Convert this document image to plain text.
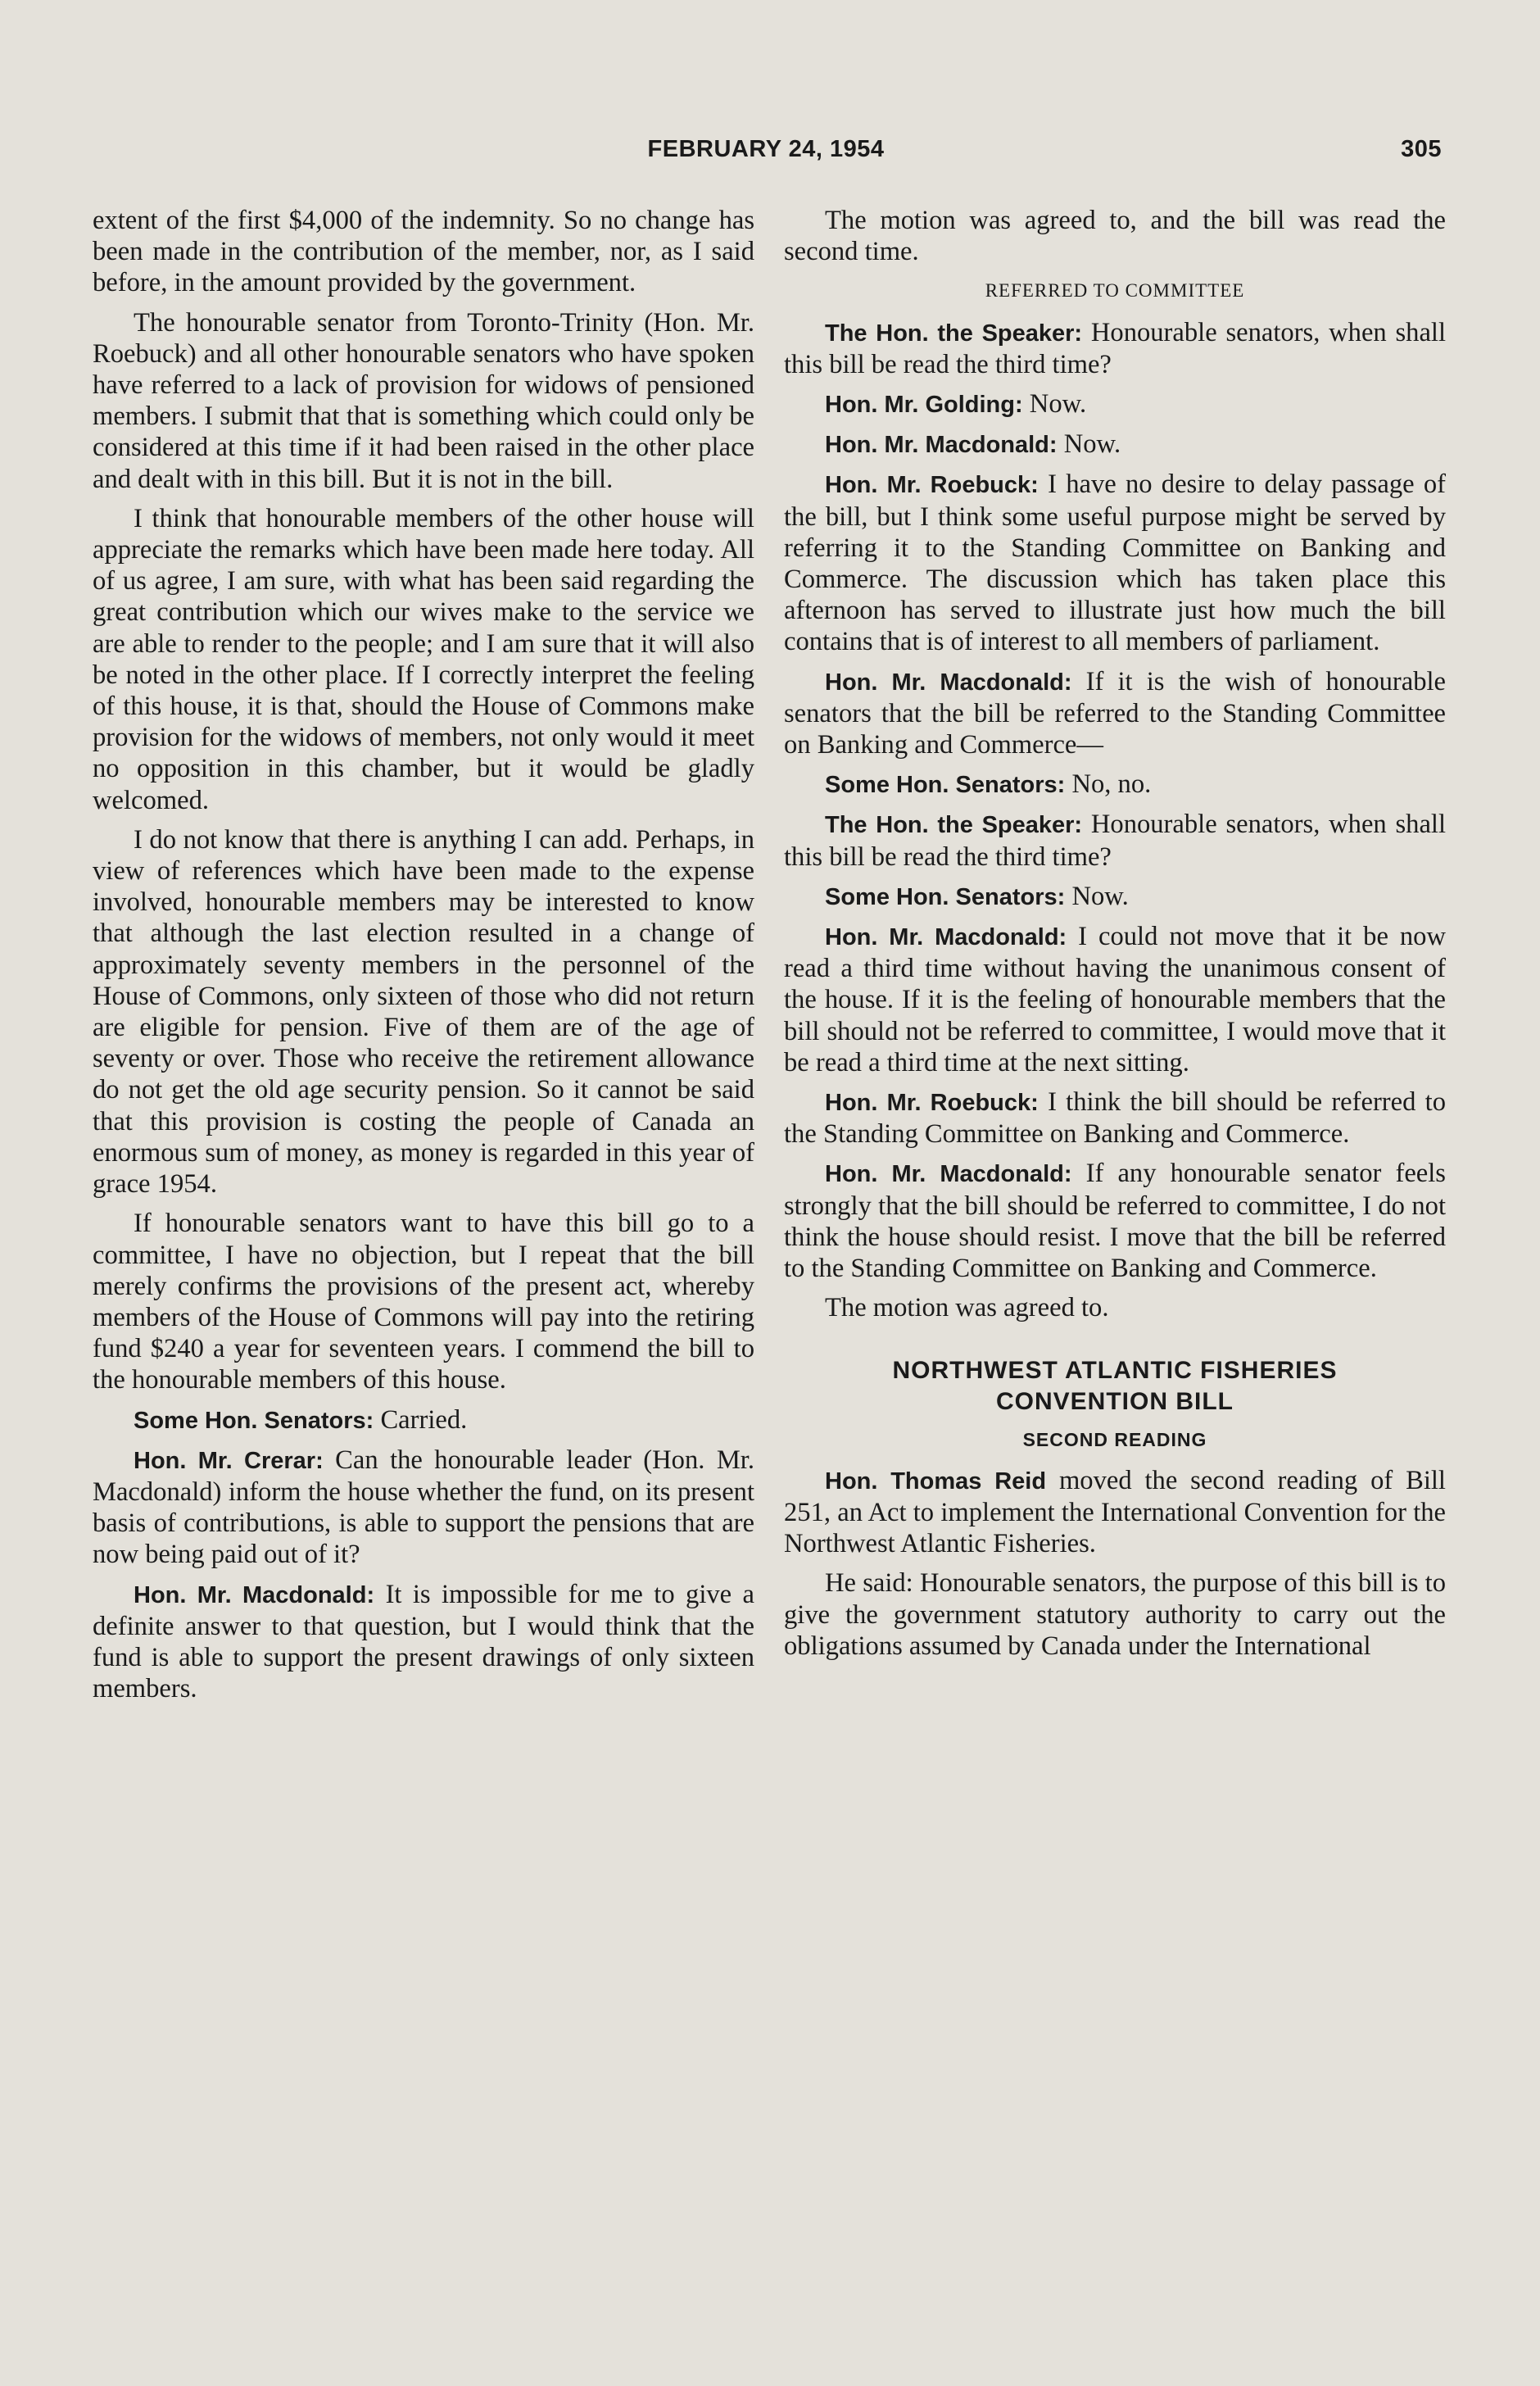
FEBRUARY 24, 1954	305

extent of the first $4,000 of the indemnity. So no change has been made in the contribution of the member, nor, as I said before, in the amount provided by the government.

The honourable senator from Toronto-Trinity (Hon. Mr. Roebuck) and all other honourable senators who have spoken have referred to a lack of provision for widows of pensioned members. I submit that that is something which could only be considered at this time if it had been raised in the other place and dealt with in this bill. But it is not in the bill.

I think that honourable members of the other house will appreciate the remarks which have been made here today. All of us agree, I am sure, with what has been said regarding the great contribution which our wives make to the service we are able to render to the people; and I am sure that it will also be noted in the other place. If I correctly interpret the feeling of this house, it is that, should the House of Commons make provision for the widows of members, not only would it meet no opposition in this chamber, but it would be gladly welcomed.

I do not know that there is anything I can add. Perhaps, in view of references which have been made to the expense involved, honourable members may be interested to know that although the last election resulted in a change of approximately seventy members in the personnel of the House of Commons, only sixteen of those who did not return are eligible for pension. Five of them are of the age of seventy or over. Those who receive the retirement allowance do not get the old age security pension. So it cannot be said that this provision is costing the people of Canada an enormous sum of money, as money is regarded in this year of grace 1954.

If honourable senators want to have this bill go to a committee, I have no objection, but I repeat that the bill merely confirms the provisions of the present act, whereby members of the House of Commons will pay into the retiring fund $240 a year for seventeen years. I commend the bill to the honourable members of this house.

Some Hon. Senators: Carried.

Hon. Mr. Crerar: Can the honourable leader (Hon. Mr. Macdonald) inform the house whether the fund, on its present basis of contributions, is able to support the pensions that are now being paid out of it?

Hon. Mr. Macdonald: It is impossible for me to give a definite answer to that question, but I would think that the fund is able to support the present drawings of only sixteen members.

The motion was agreed to, and the bill was read the second time.

REFERRED TO COMMITTEE

The Hon. the Speaker: Honourable senators, when shall this bill be read the third time?

Hon. Mr. Golding: Now.

Hon. Mr. Macdonald: Now.

Hon. Mr. Roebuck: I have no desire to delay passage of the bill, but I think some useful purpose might be served by referring it to the Standing Committee on Banking and Commerce. The discussion which has taken place this afternoon has served to illustrate just how much the bill contains that is of interest to all members of parliament.

Hon. Mr. Macdonald: If it is the wish of honourable senators that the bill be referred to the Standing Committee on Banking and Commerce—

Some Hon. Senators: No, no.

The Hon. the Speaker: Honourable senators, when shall this bill be read the third time?

Some Hon. Senators: Now.

Hon. Mr. Macdonald: I could not move that it be now read a third time without having the unanimous consent of the house. If it is the feeling of honourable members that the bill should not be referred to committee, I would move that it be read a third time at the next sitting.

Hon. Mr. Roebuck: I think the bill should be referred to the Standing Committee on Banking and Commerce.

Hon. Mr. Macdonald: If any honourable senator feels strongly that the bill should be referred to committee, I do not think the house should resist. I move that the bill be referred to the Standing Committee on Banking and Commerce.

The motion was agreed to.

NORTHWEST ATLANTIC FISHERIES
CONVENTION BILL
SECOND READING

Hon. Thomas Reid moved the second reading of Bill 251, an Act to implement the International Convention for the Northwest Atlantic Fisheries.

He said: Honourable senators, the purpose of this bill is to give the government statutory authority to carry out the obligations assumed by Canada under the International
